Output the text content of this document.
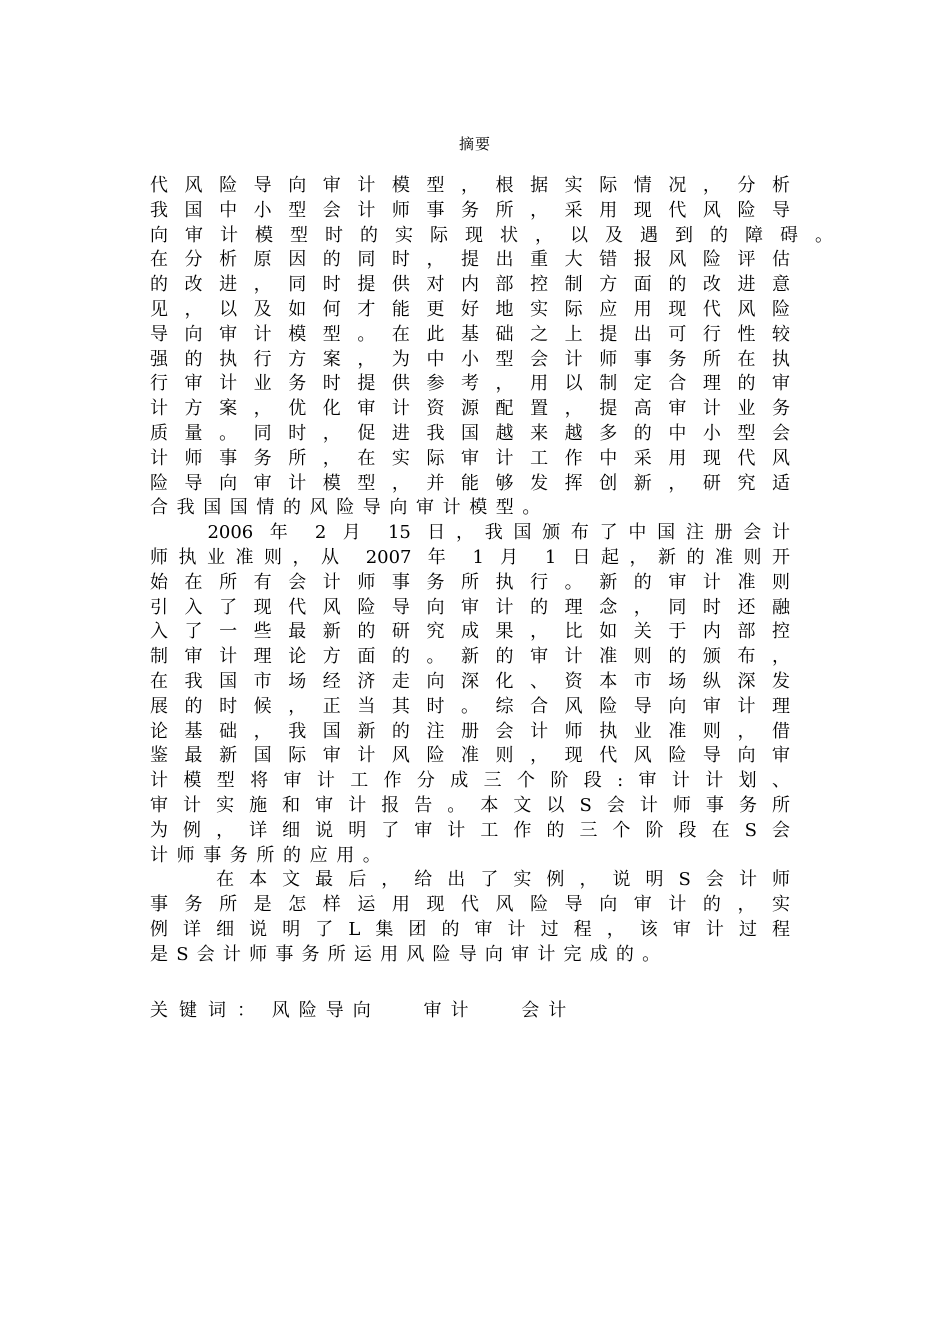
摘要
代风险导向审计模型，根据实际情况，分析
我国中小型会计师事务所，采用现代风险导
向审计模型时的实际现状，以及遇到的障碍。
在分析原因的同时，提出重大错报风险评估
的改进，同时提供对内部控制方面的改进意
见，以及如何才能更好地实际应用现代风险
导向审计模型。在此基础之上提出可行性较
强的执行方案，为中小型会计师事务所在执
行审计业务时提供参考，用以制定合理的审
计方案，优化审计资源配置，提高审计业务
质量。同时，促进我国越来越多的中小型会
计师事务所，在实际审计工作中采用现代风
险导向审计模型，并能够发挥创新，研究适
合我国国情的风险导向审计模型。
　　2006 年 2 月 15 日，我国颁布了中国注册会计
师执业准则，从 2007 年 1 月 1 日起，新的准则开
始在所有会计师事务所执行。新的审计准则
引入了现代风险导向审计的理念，同时还融
入了一些最新的研究成果，比如关于内部控
制审计理论方面的。新的审计准则的颁布，
在我国市场经济走向深化、资本市场纵深发
展的时候，正当其时。综合风险导向审计理
论基础，我国新的注册会计师执业准则，借
鉴最新国际审计风险准则，现代风险导向审
计模型将审计工作分成三个阶段:审计计划、
审计实施和审计报告。本文以S会计师事务所
为例，详细说明了审计工作的三个阶段在S会
计师事务所的应用。
　　在本文最后，给出了实例，说明S会计师
事务所是怎样运用现代风险导向审计的，实
例详细说明了L集团的审计过程，该审计过程
是S会计师事务所运用风险导向审计完成的。
关键词： 风险导向 审计 会计
